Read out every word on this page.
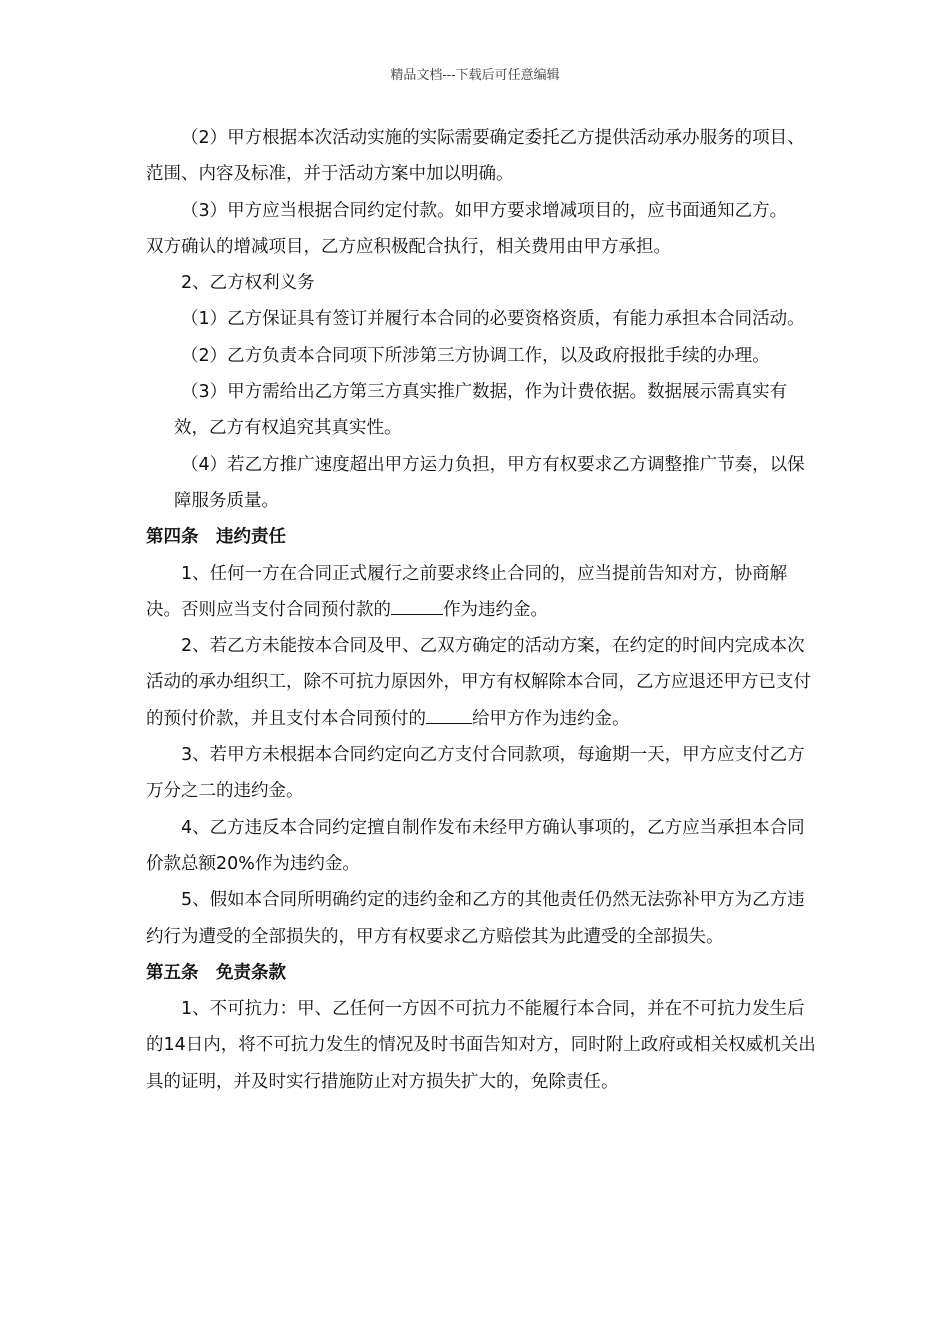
精品文档---下载后可任意编辑

（2）甲方根据本次活动实施的实际需要确定委托乙方提供活动承办服务的项目、范围、内容及标准，并于活动方案中加以明确。

（3）甲方应当根据合同约定付款。如甲方要求增减项目的，应书面通知乙方。

双方确认的增减项目，乙方应积极配合执行，相关费用由甲方承担。

2、乙方权利义务

（1）乙方保证具有签订并履行本合同的必要资格资质，有能力承担本合同活动。

（2）乙方负责本合同项下所涉第三方协调工作，以及政府报批手续的办理。

（3）甲方需给出乙方第三方真实推广数据，作为计费依据。数据展示需真实有效，乙方有权追究其真实性。

（4）若乙方推广速度超出甲方运力负担，甲方有权要求乙方调整推广节奏，以保障服务质量。

第四条　违约责任

1、任何一方在合同正式履行之前要求终止合同的，应当提前告知对方，协商解决。否则应当支付合同预付款的	作为违约金。

2、若乙方未能按本合同及甲、乙双方确定的活动方案，在约定的时间内完成本次活动的承办组织工，除不可抗力原因外，甲方有权解除本合同，乙方应退还甲方已支付的预付价款，并且支付本合同预付的	给甲方作为违约金。

3、若甲方未根据本合同约定向乙方支付合同款项，每逾期一天，甲方应支付乙方万分之二的违约金。

4、乙方违反本合同约定擅自制作发布未经甲方确认事项的，乙方应当承担本合同价款总额20%作为违约金。

5、假如本合同所明确约定的违约金和乙方的其他责任仍然无法弥补甲方为乙方违约行为遭受的全部损失的，甲方有权要求乙方赔偿其为此遭受的全部损失。

第五条　免责条款

1、不可抗力：甲、乙任何一方因不可抗力不能履行本合同，并在不可抗力发生后的14日内，将不可抗力发生的情况及时书面告知对方，同时附上政府或相关权威机关出具的证明，并及时实行措施防止对方损失扩大的，免除责任。
